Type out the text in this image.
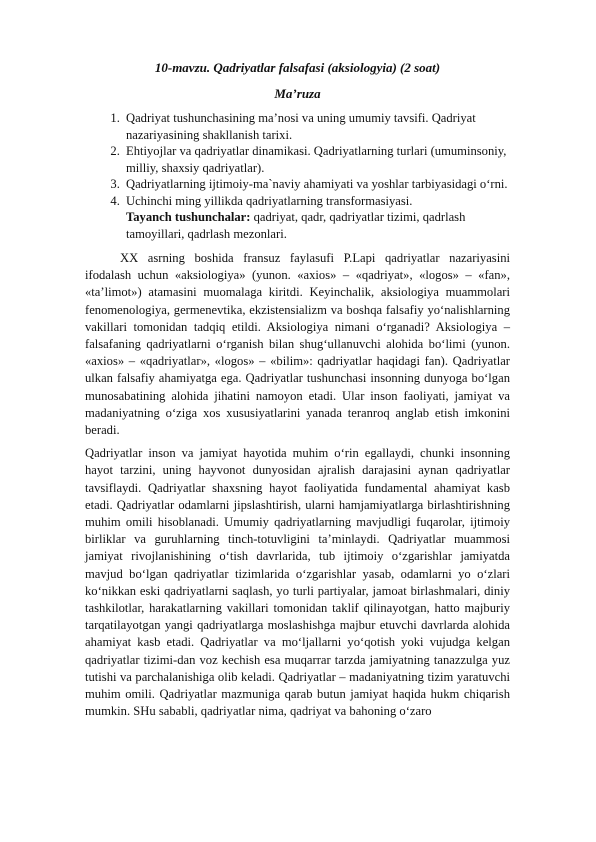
10-mavzu. Qadriyatlar falsafasi (aksiologyia) (2 soat)
Ma’ruza
1. Qadriyat tushunchasining ma’nosi va uning umumiy tavsifi. Qadriyat nazariyasining shakllanish tarixi.
2. Ehtiyojlar va qadriyatlar dinamikasi. Qadriyatlarning turlari (umuminsoniy, milliy, shaxsiy qadriyatlar).
3. Qadriyatlarning ijtimoiy-ma`naviy ahamiyati va yoshlar tarbiyasidagi o‘rni.
4. Uchinchi ming yillikda qadriyatlarning transformasiyasi.
Tayanch tushunchalar: qadriyat, qadr, qadriyatlar tizimi, qadrlash tamoyillari, qadrlash mezonlari.

XX asrning boshida fransuz faylasufi P.Lapi qadriyatlar nazariyasini ifodalash uchun «aksiologiya» (yunon. «axios» – «qadriyat», «logos» – «fan», «ta’limot») atamasini muomalaga kiritdi. Keyinchalik, aksiologiya muammolari fenomenologiya, germenevtika, ekzistensializm va boshqa falsafiy yo‘nalishlarning vakillari tomonidan tadqiq etildi. Aksiologiya nimani o‘rganadi? Aksiologiya – falsafaning qadriyatlarni o‘rganish bilan shug‘ullanuvchi alohida bo‘limi (yunon. «axios» – «qadriyatlar», «logos» – «bilim»: qadriyatlar haqidagi fan). Qadriyatlar ulkan falsafiy ahamiyatga ega. Qadriyatlar tushunchasi insonning dunyoga bo‘lgan munosabatining alohida jihatini namoyon etadi. Ular inson faoliyati, jamiyat va madaniyatning o‘ziga xos xususiyatlarini yanada teranroq anglab etish imkonini beradi.

Qadriyatlar inson va jamiyat hayotida muhim o‘rin egallaydi, chunki insonning hayot tarzini, uning hayvonot dunyosidan ajralish darajasini aynan qadriyatlar tavsiflaydi. Qadriyatlar shaxsning hayot faoliyatida fundamental ahamiyat kasb etadi. Qadriyatlar odamlarni jipslashtirish, ularni hamjamiyatlarga birlashtirishning muhim omili hisoblanadi. Umumiy qadriyatlarning mavjudligi fuqarolar, ijtimoiy birliklar va guruhlarning tinch-totuvligini ta’minlaydi. Qadriyatlar muammosi jamiyat rivojlanishining o‘tish davrlarida, tub ijtimoiy o‘zgarishlar jamiyatda mavjud bo‘lgan qadriyatlar tizimlarida o‘zgarishlar yasab, odamlarni yo o‘zlari ko‘nikkan eski qadriyatlarni saqlash, yo turli partiyalar, jamoat birlashmalari, diniy tashkilotlar, harakatlarning vakillari tomonidan taklif qilinayotgan, hatto majburiy tarqatilayotgan yangi qadriyatlarga moslashishga majbur etuvchi davrlarda alohida ahamiyat kasb etadi. Qadriyatlar va mo‘ljallarni yo‘qotish yoki vujudga kelgan qadriyatlar tizimi-dan voz kechish esa muqarrar tarzda jamiyatning tanazzulga yuz tutishi va parchalanishiga olib keladi. Qadriyatlar – madaniyatning tizim yaratuvchi muhim omili. Qadriyatlar mazmuniga qarab butun jamiyat haqida hukm chiqarish mumkin. SHu sababli, qadriyatlar nima, qadriyat va bahoning o‘zaro
